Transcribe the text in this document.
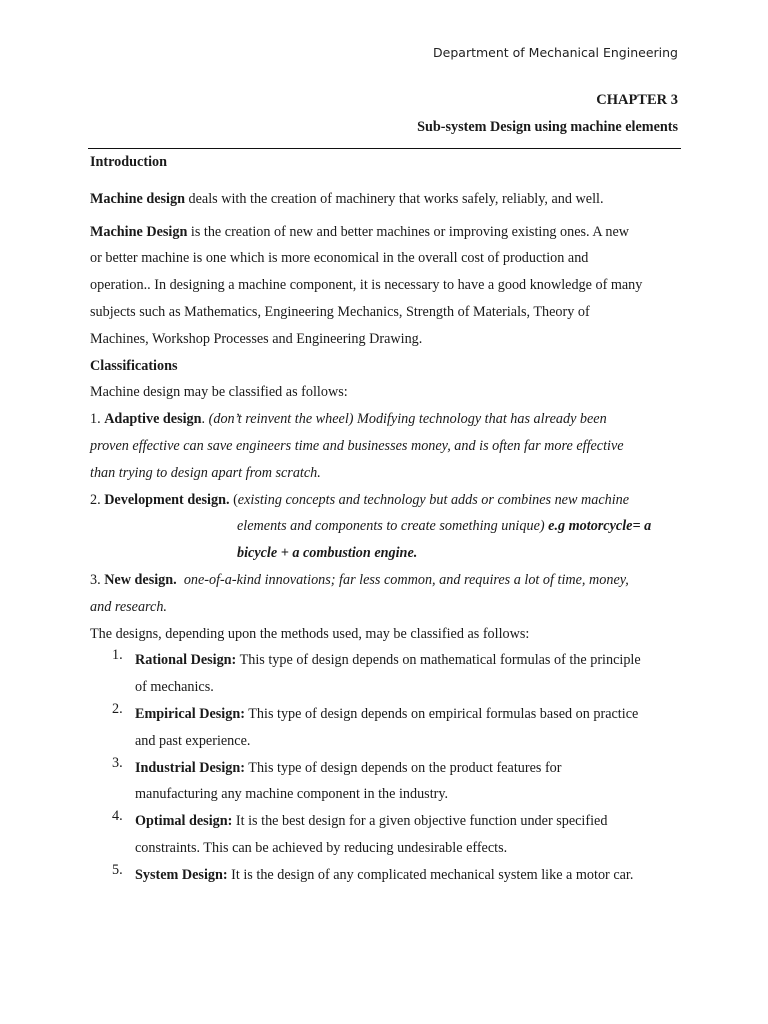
Department of Mechanical Engineering
CHAPTER 3
Sub-system Design using machine elements
Introduction
Machine design deals with the creation of machinery that works safely, reliably, and well.
Machine Design is the creation of new and better machines or improving existing ones. A new
or better machine is one which is more economical in the overall cost of production and
operation.. In designing a machine component, it is necessary to have a good knowledge of many
subjects such as Mathematics, Engineering Mechanics, Strength of Materials, Theory of
Machines, Workshop Processes and Engineering Drawing.
Classifications
Machine design may be classified as follows:
1. Adaptive design. (don’t reinvent the wheel) Modifying technology that has already been
proven effective can save engineers time and businesses money, and is often far more effective
than trying to design apart from scratch.
2. Development design. (existing concepts and technology but adds or combines new machine
elements and components to create something unique) e.g motorcycle= a
bicycle + a combustion engine.
3. New design.  one-of-a-kind innovations; far less common, and requires a lot of time, money,
and research.
The designs, depending upon the methods used, may be classified as follows:
1. Rational Design: This type of design depends on mathematical formulas of the principle
of mechanics.
2. Empirical Design: This type of design depends on empirical formulas based on practice
and past experience.
3. Industrial Design: This type of design depends on the product features for
manufacturing any machine component in the industry.
4. Optimal design: It is the best design for a given objective function under specified
constraints. This can be achieved by reducing undesirable effects.
5. System Design: It is the design of any complicated mechanical system like a motor car.
